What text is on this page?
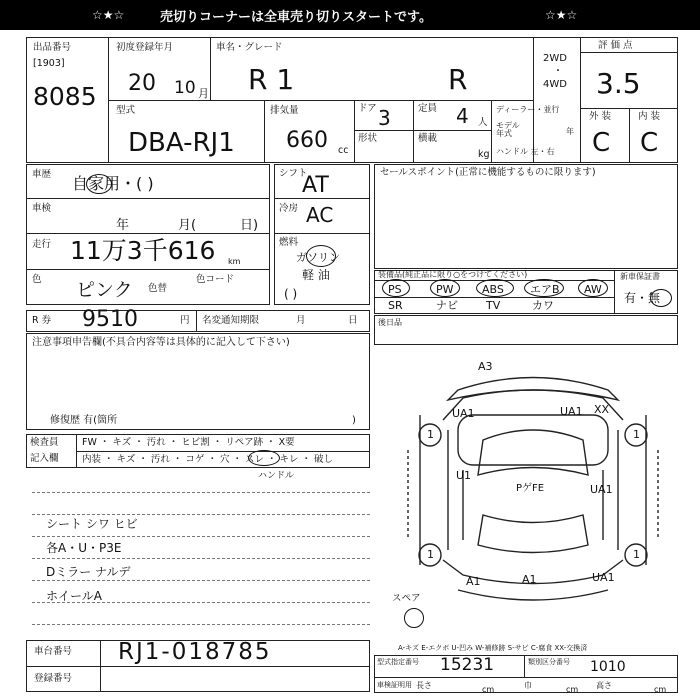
☆★☆	売切りコーナーは全車売り切りスタートです。	☆★☆
出品番号
[1903]
8085
初度登録年月
20 10 月
車名・グレード
R 1	R
2WD
・
4WD
評 価 点
3.5
型式
DBA-RJ1
排気量
660 cc
ドア 3	定員 4 人
形状	横載
kg
ディーラー・並行
モデル
年式	年
ハンドル 左・右
外 装	内 装
C C
車歴 自家用・( )
車検
年	月(	日)
走行 11万3千616 km
色 ピンク 色替
色コード
シフト
AT
冷房 AC
燃料
ガソリン
軽 油
( )
R 券 9510	円 名変通知期限	月	日
セールスポイント(正常に機能するものに限ります)
装備品(純正品に限り○をつけてください)
PS	PW	ABS エアB AW
SR	ナビ	TV	カワ
新車保証書
有・無
注意事項申告欄(不具合内容等は具体的に記入して下さい)
修復歴 有(箇所	)
後日品
検査員
記入欄
FW ・ キズ ・ 汚れ ・ ヒビ割 ・ リペア跡 ・ X要
内装 ・ キズ ・ 汚れ ・ コゲ ・ 穴 ・ スレ ・ キレ ・ 破し
ハンドル
シート シワ ヒビ
各A・U・P3E
Dミラー ナルデ
ホイールA
A3
UA1	XX
U1
UA1
PゲFE
UA1
A1	A1	UA1
1	1
1	1
スペア
A-キズ E-エクボ U-凹み W-補修跡 S-サビ C-腐食 XX-交換済
型式指定番号 15231	類別区分番号 1010
車検証明用 長さ	cm	巾	cm 高さ	cm
車台番号 RJ1-018785
登録番号
